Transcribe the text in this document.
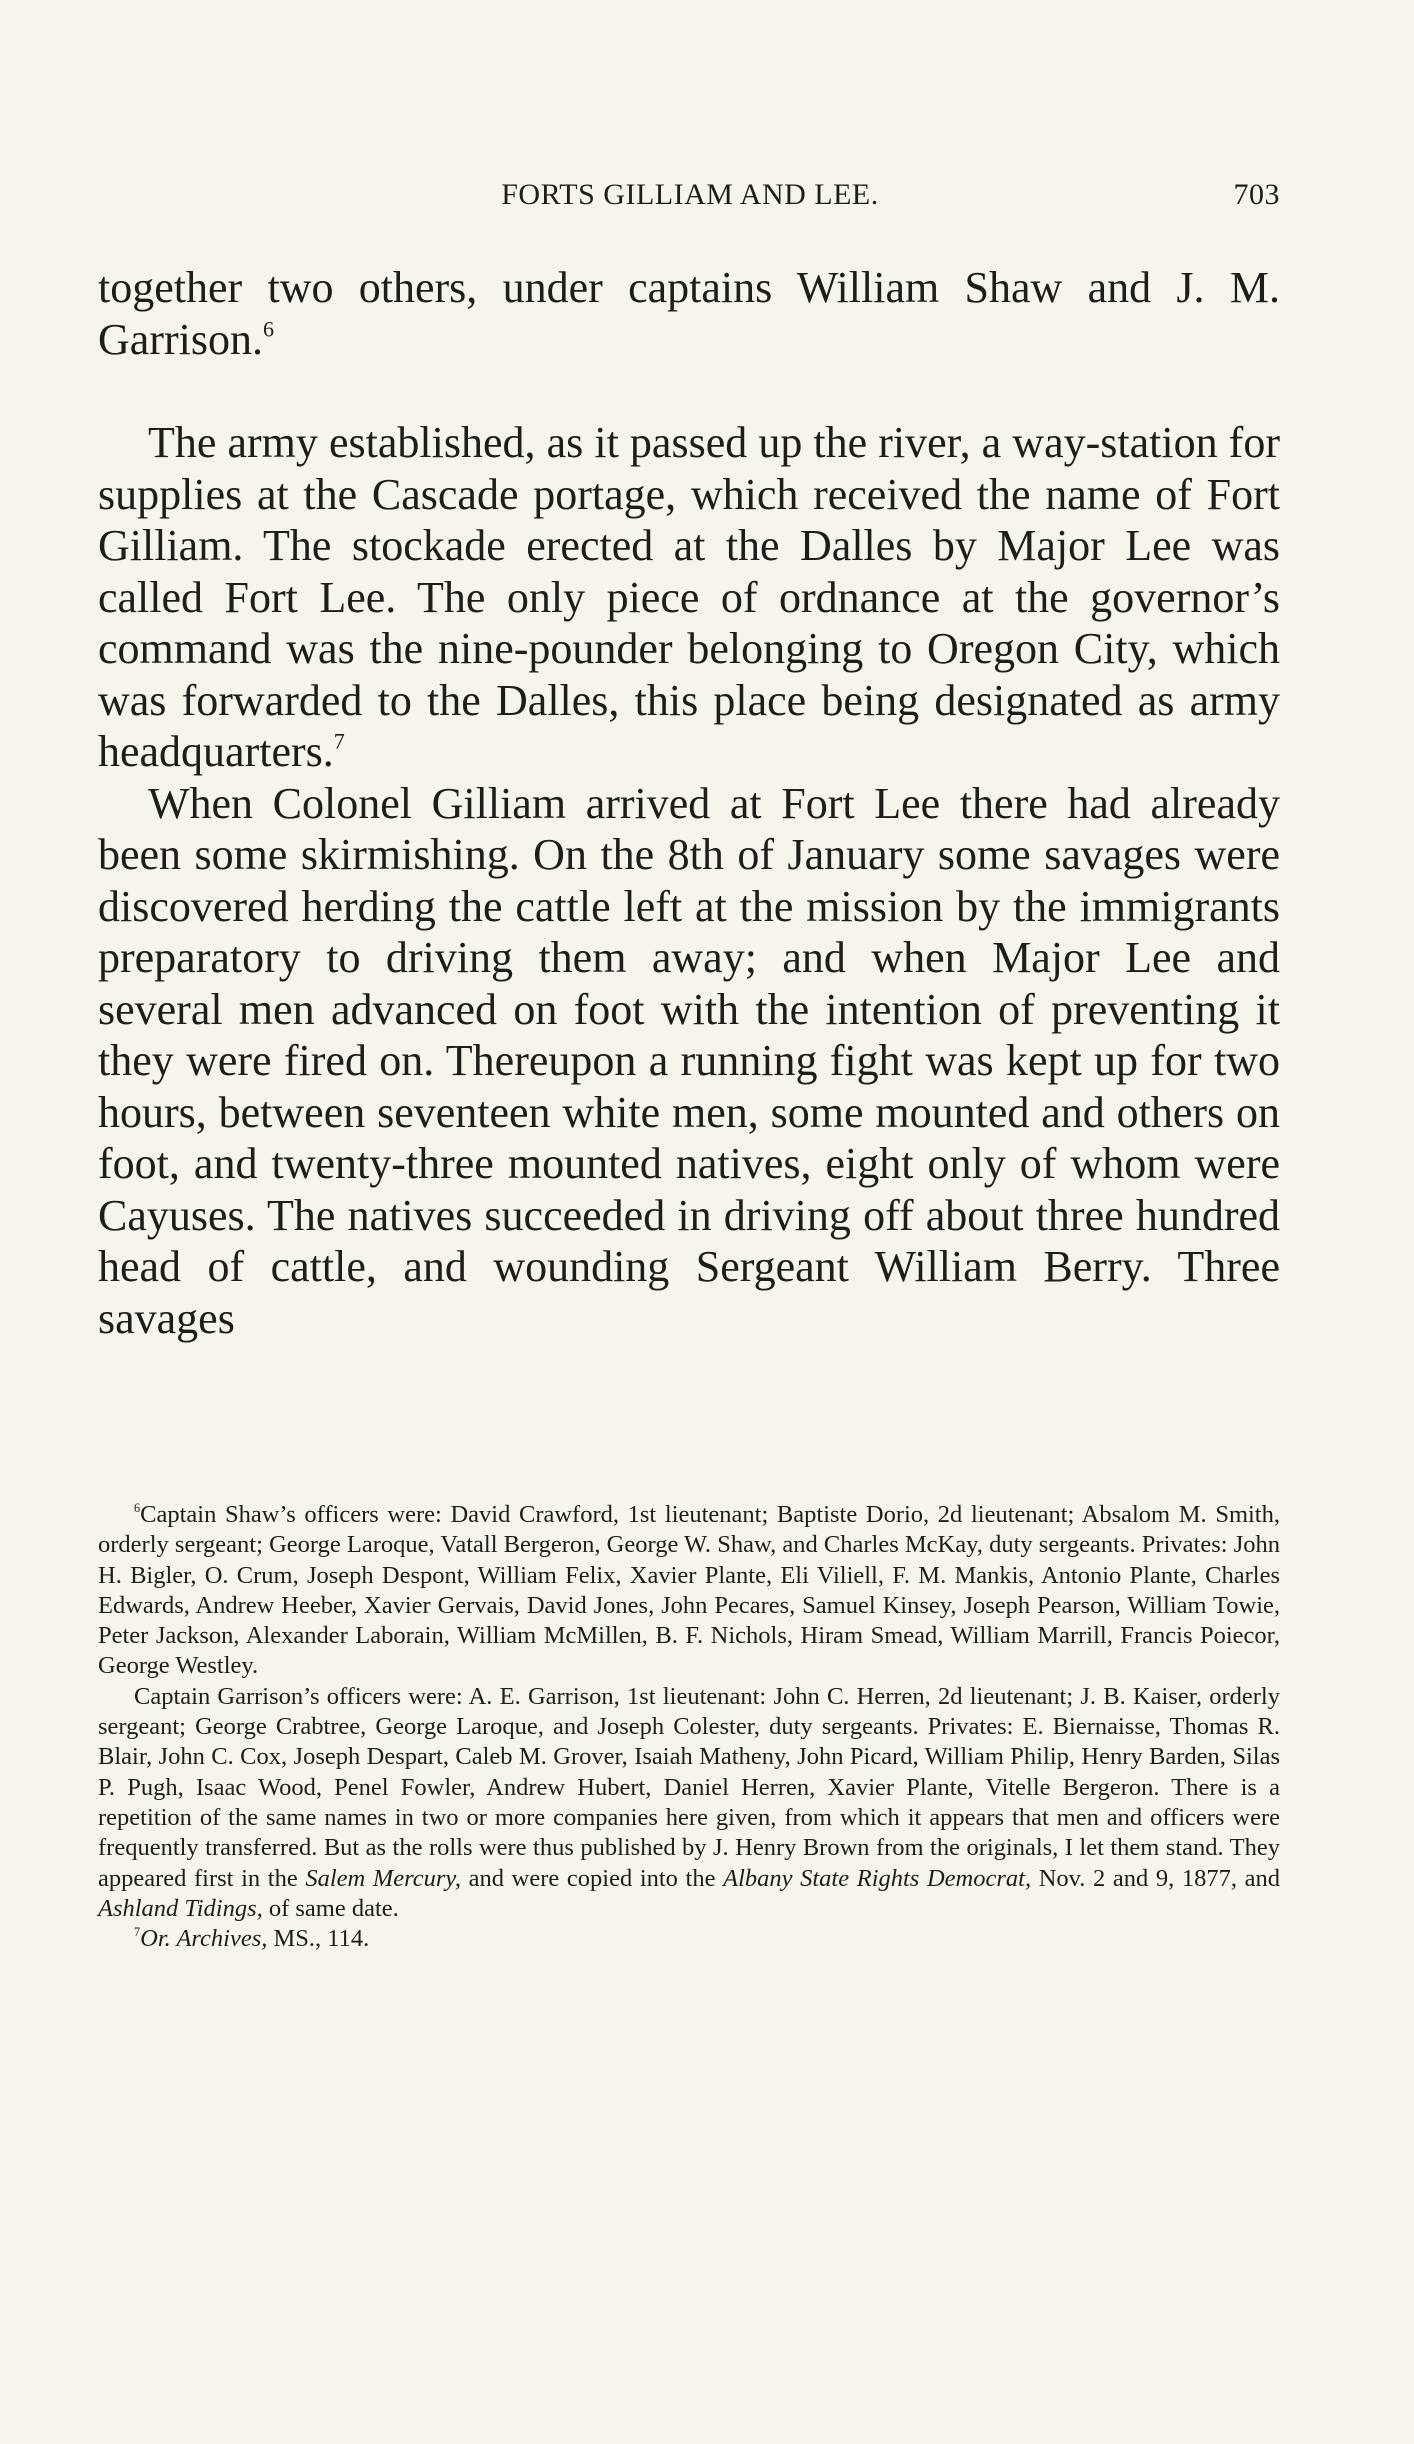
FORTS GILLIAM AND LEE.	703

together two others, under captains William Shaw and J. M. Garrison.$^6$

The army established, as it passed up the river, a way-station for supplies at the Cascade portage, which received the name of Fort Gilliam. The stockade erected at the Dalles by Major Lee was called Fort Lee. The only piece of ordnance at the governor’s command was the nine-pounder belonging to Oregon City, which was forwarded to the Dalles, this place being designated as army headquarters.$^7$

When Colonel Gilliam arrived at Fort Lee there had already been some skirmishing. On the 8th of January some savages were discovered herding the cattle left at the mission by the immigrants preparatory to driving them away; and when Major Lee and several men advanced on foot with the intention of preventing it they were fired on. Thereupon a running fight was kept up for two hours, between seventeen white men, some mounted and others on foot, and twenty-three mounted natives, eight only of whom were Cayuses. The natives succeeded in driving off about three hundred head of cattle, and wounding Sergeant William Berry. Three savages

$^6$Captain Shaw’s officers were: David Crawford, 1st lieutenant; Baptiste Dorio, 2d lieutenant; Absalom M. Smith, orderly sergeant; George Laroque, Vatall Bergeron, George W. Shaw, and Charles McKay, duty sergeants. Privates: John H. Bigler, O. Crum, Joseph Despont, William Felix, Xavier Plante, Eli Viliell, F. M. Mankis, Antonio Plante, Charles Edwards, Andrew Heeber, Xavier Gervais, David Jones, John Pecares, Samuel Kinsey, Joseph Pearson, William Towie, Peter Jackson, Alexander Laborain, William McMillen, B. F. Nichols, Hiram Smead, William Marrill, Francis Poiecor, George Westley.

Captain Garrison’s officers were: A. E. Garrison, 1st lieutenant: John C. Herren, 2d lieutenant; J. B. Kaiser, orderly sergeant; George Crabtree, George Laroque, and Joseph Colester, duty sergeants. Privates: E. Biernaisse, Thomas R. Blair, John C. Cox, Joseph Despart, Caleb M. Grover, Isaiah Matheny, John Picard, William Philip, Henry Barden, Silas P. Pugh, Isaac Wood, Penel Fowler, Andrew Hubert, Daniel Herren, Xavier Plante, Vitelle Bergeron. There is a repetition of the same names in two or more companies here given, from which it appears that men and officers were frequently transferred. But as the rolls were thus published by J. Henry Brown from the originals, I let them stand. They appeared first in the Salem Mercury, and were copied into the Albany State Rights Democrat, Nov. 2 and 9, 1877, and Ashland Tidings, of same date.

$^7$Or. Archives, MS., 114.
